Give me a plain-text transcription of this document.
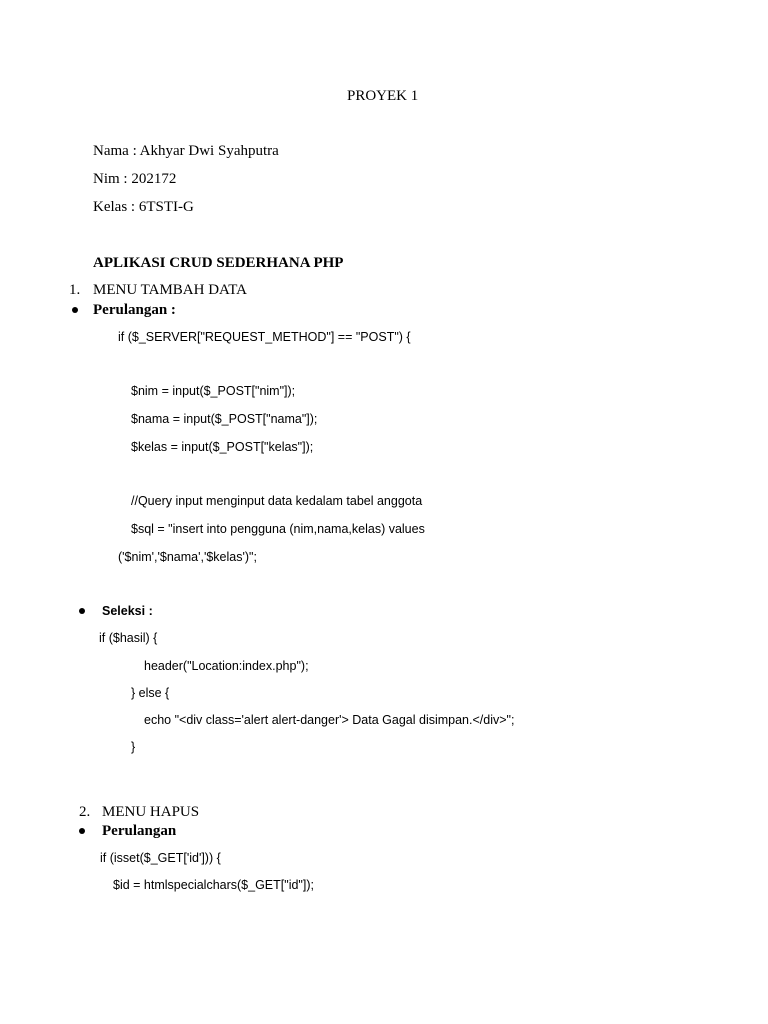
PROYEK 1
Nama : Akhyar Dwi Syahputra
Nim : 202172
Kelas : 6TSTI-G
APLIKASI CRUD SEDERHANA PHP
1. MENU TAMBAH DATA
Perulangan :
if ($_SERVER["REQUEST_METHOD"] == "POST") {
$nim = input($_POST["nim"]);
$nama = input($_POST["nama"]);
$kelas = input($_POST["kelas"]);
//Query input menginput data kedalam tabel anggota
$sql = "insert into pengguna (nim,nama,kelas) values
('$nim','$nama','$kelas')";
Seleksi :
if ($hasil) {
header("Location:index.php");
} else {
echo "<div class='alert alert-danger'> Data Gagal disimpan.</div>";
}
2. MENU HAPUS
Perulangan
if (isset($_GET['id'])) {
$id = htmlspecialchars($_GET["id"]);
